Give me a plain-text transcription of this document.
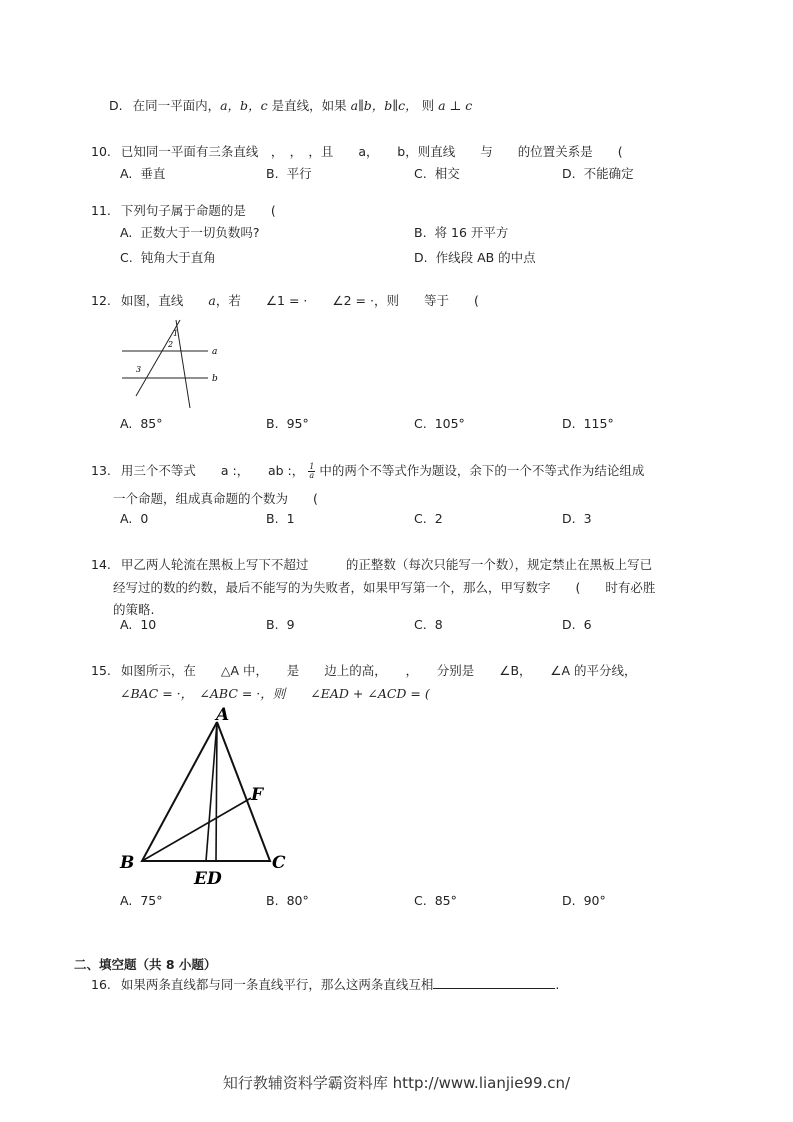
D. 在同一平面内，a，b，c 是直线，如果 a∥b，b∥c， 则 a ⊥ c
10. 已知同一平面有三条直线　，　，　，且　　a，　　b，则直线　　与　　的位置关系是　　(
A. 垂直	B. 平行	C. 相交	D. 不能确定
11. 下列句子属于命题的是　　(
A. 正数大于一切负数吗?	B. 将 16 开平方
C. 钝角大于直角	D. 作线段 AB 的中点
12. 如图，直线　　a，若　　∠1 = ·　　∠2 = ·，则　　等于　　(
1
2
3
a
b
A. 85°	B. 95°	C. 105°	D. 115°
13. 用三个不等式　　a :，　　ab :， $\frac{1}{a}$ 中的两个不等式作为题设，余下的一个不等式作为结论组成
一个命题，组成真命题的个数为　　(
A. 0	B. 1	C. 2	D. 3
14. 甲乙两人轮流在黑板上写下不超过　　　的正整数（每次只能写一个数），规定禁止在黑板上写已
经写过的数的约数，最后不能写的为失败者，如果甲写第一个，那么，甲写数字　　(　　时有必胜
的策略.
A. 10	B. 9	C. 8	D. 6
15. 如图所示，在　　△A 中，　　是　　边上的高，　　，　　分别是　　∠B，　　∠A 的平分线，
∠BAC = ·，　∠ABC = ·，则　　∠EAD + ∠ACD = (
A
B	C
F
ED
A. 75°	B. 80°	C. 85°	D. 90°
二、填空题（共 8 小题）
16. 如果两条直线都与同一条直线平行，那么这两条直线互相	.
知行教辅资料学霸资料库 http://www.lianjie99.cn/
